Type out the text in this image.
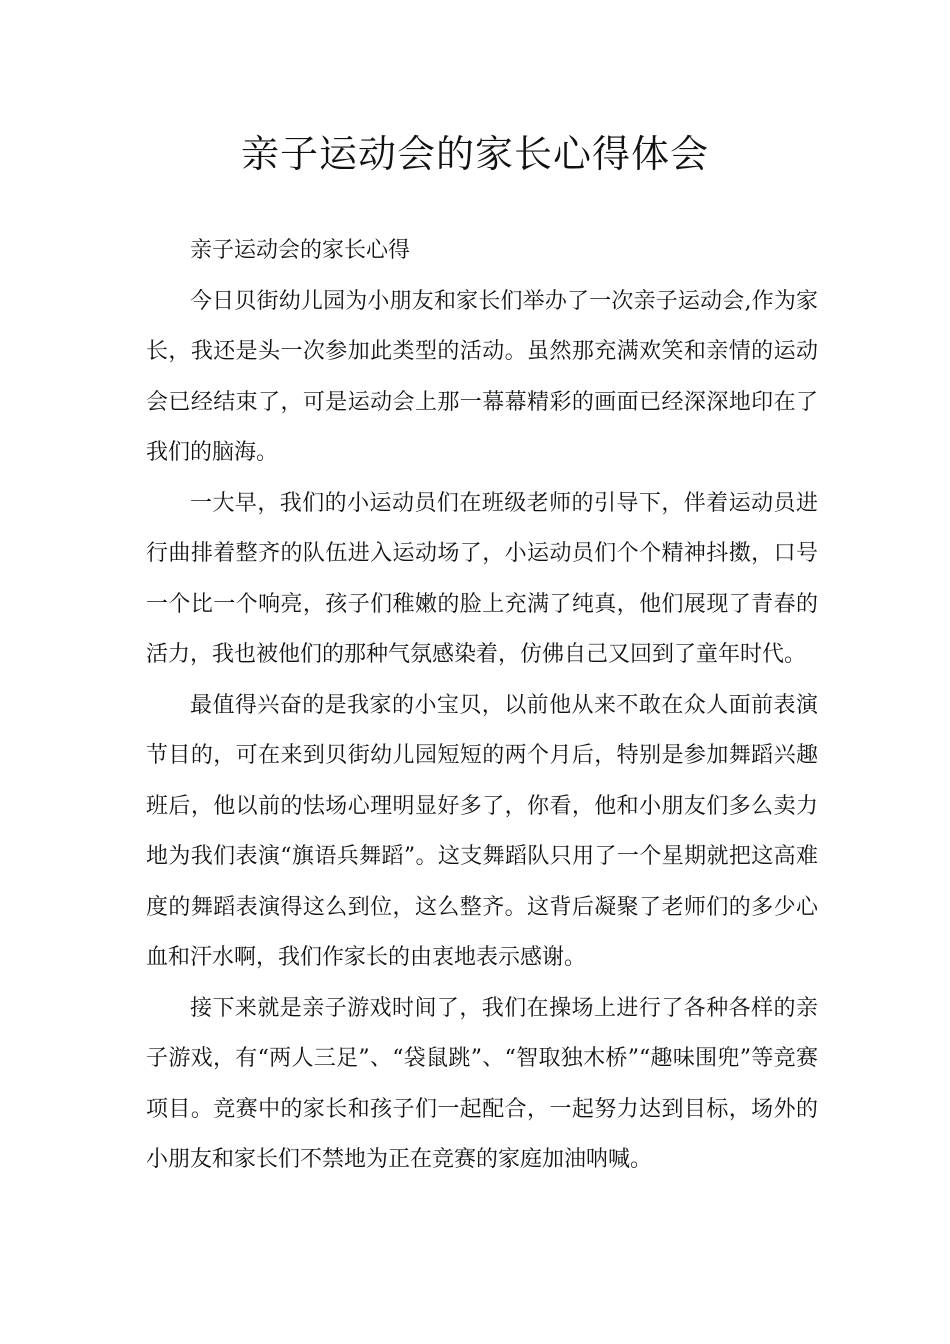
亲子运动会的家长心得体会

亲子运动会的家长心得

今日贝街幼儿园为小朋友和家长们举办了一次亲子运动会,作为家长，我还是头一次参加此类型的活动。虽然那充满欢笑和亲情的运动会已经结束了，可是运动会上那一幕幕精彩的画面已经深深地印在了我们的脑海。

一大早，我们的小运动员们在班级老师的引导下，伴着运动员进行曲排着整齐的队伍进入运动场了，小运动员们个个精神抖擞，口号一个比一个响亮，孩子们稚嫩的脸上充满了纯真，他们展现了青春的活力，我也被他们的那种气氛感染着，仿佛自己又回到了童年时代。

最值得兴奋的是我家的小宝贝，以前他从来不敢在众人面前表演节目的，可在来到贝街幼儿园短短的两个月后，特别是参加舞蹈兴趣班后，他以前的怯场心理明显好多了，你看，他和小朋友们多么卖力地为我们表演“旗语兵舞蹈”。这支舞蹈队只用了一个星期就把这高难度的舞蹈表演得这么到位，这么整齐。这背后凝聚了老师们的多少心血和汗水啊，我们作家长的由衷地表示感谢。

接下来就是亲子游戏时间了，我们在操场上进行了各种各样的亲子游戏，有“两人三足”、“袋鼠跳”、“智取独木桥”“趣味围兜”等竞赛项目。竞赛中的家长和孩子们一起配合，一起努力达到目标，场外的小朋友和家长们不禁地为正在竞赛的家庭加油呐喊。
